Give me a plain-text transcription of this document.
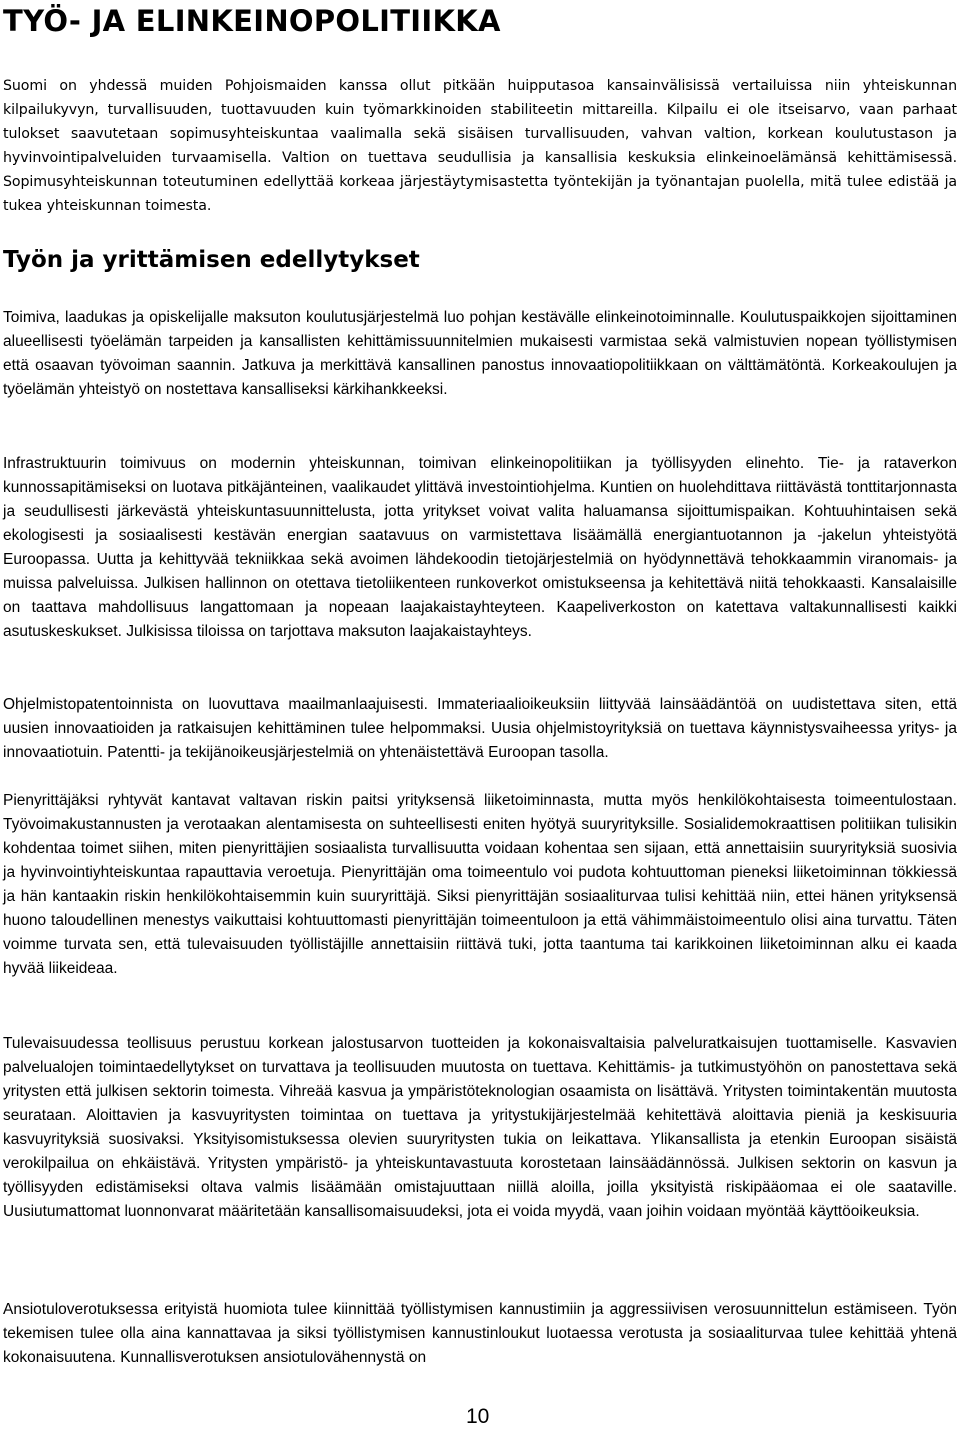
TYÖ- JA ELINKEINOPOLITIIKKA

Suomi on yhdessä muiden Pohjoismaiden kanssa ollut pitkään huipputasoa kansainvälisissä vertailuissa niin yhteiskunnan kilpailukyvyn, turvallisuuden, tuottavuuden kuin työmarkkinoiden stabiliteetin mittareilla. Kilpailu ei ole itseisarvo, vaan parhaat tulokset saavutetaan sopimusyhteiskuntaa vaalimalla sekä sisäisen turvallisuuden, vahvan valtion, korkean koulutustason ja hyvinvointipalveluiden turvaamisella. Valtion on tuettava seudullisia ja kansallisia keskuksia elinkeinoelämänsä kehittämisessä. Sopimusyhteiskunnan toteutuminen edellyttää korkeaa järjestäytymisastetta työntekijän ja työnantajan puolella, mitä tulee edistää ja tukea yhteiskunnan toimesta.

Työn ja yrittämisen edellytykset

Toimiva, laadukas ja opiskelijalle maksuton koulutusjärjestelmä luo pohjan kestävälle elinkeinotoiminnalle. Koulutuspaikkojen sijoittaminen alueellisesti työelämän tarpeiden ja kansallisten kehittämissuunnitelmien mukaisesti varmistaa sekä valmistuvien nopean työllistymisen että osaavan työvoiman saannin. Jatkuva ja merkittävä kansallinen panostus innovaatiopolitiikkaan on välttämätöntä. Korkeakoulujen ja työelämän yhteistyö on nostettava kansalliseksi kärkihankkeeksi.

Infrastruktuurin toimivuus on modernin yhteiskunnan, toimivan elinkeinopolitiikan ja työllisyyden elinehto. Tie- ja rataverkon kunnossapitämiseksi on luotava pitkäjänteinen, vaalikaudet ylittävä investointiohjelma. Kuntien on huolehdittava riittävästä tonttitarjonnasta ja seudullisesti järkevästä yhteiskuntasuunnittelusta, jotta yritykset voivat valita haluamansa sijoittumispaikan. Kohtuuhintaisen sekä ekologisesti ja sosiaalisesti kestävän energian saatavuus on varmistettava lisäämällä energiantuotannon ja -jakelun yhteistyötä Euroopassa. Uutta ja kehittyvää tekniikkaa sekä avoimen lähdekoodin tietojärjestelmiä on hyödynnettävä tehokkaammin viranomais- ja muissa palveluissa. Julkisen hallinnon on otettava tietoliikenteen runkoverkot omistukseensa ja kehitettävä niitä tehokkaasti. Kansalaisille on taattava mahdollisuus langattomaan ja nopeaan laajakaistayhteyteen. Kaapeliverkoston on katettava valtakunnallisesti kaikki asutuskeskukset. Julkisissa tiloissa on tarjottava maksuton laajakaistayhteys.

Ohjelmistopatentoinnista on luovuttava maailmanlaajuisesti. Immateriaalioikeuksiin liittyvää lainsäädäntöä on uudistettava siten, että uusien innovaatioiden ja ratkaisujen kehittäminen tulee helpommaksi. Uusia ohjelmistoyrityksiä on tuettava käynnistysvaiheessa yritys- ja innovaatiotuin. Patentti- ja tekijänoikeusjärjestelmiä on yhtenäistettävä Euroopan tasolla.

Pienyrittäjäksi ryhtyvät kantavat valtavan riskin paitsi yrityksensä liiketoiminnasta, mutta myös henkilökohtaisesta toimeentulostaan. Työvoimakustannusten ja verotaakan alentamisesta on suhteellisesti eniten hyötyä suuryrityksille. Sosialidemokraattisen politiikan tulisikin kohdentaa toimet siihen, miten pienyrittäjien sosiaalista turvallisuutta voidaan kohentaa sen sijaan, että annettaisiin suuryrityksiä suosivia ja hyvinvointiyhteiskuntaa rapauttavia veroetuja. Pienyrittäjän oma toimeentulo voi pudota kohtuuttoman pieneksi liiketoiminnan tökkiessä ja hän kantaakin riskin henkilökohtaisemmin kuin suuryrittäjä. Siksi pienyrittäjän sosiaaliturvaa tulisi kehittää niin, ettei hänen yrityksensä huono taloudellinen menestys vaikuttaisi kohtuuttomasti pienyrittäjän toimeentuloon ja että vähimmäistoimeentulo olisi aina turvattu. Täten voimme turvata sen, että tulevaisuuden työllistäjille annettaisiin riittävä tuki, jotta taantuma tai karikkoinen liiketoiminnan alku ei kaada hyvää liikeideaa.

Tulevaisuudessa teollisuus perustuu korkean jalostusarvon tuotteiden ja kokonaisvaltaisia palveluratkaisujen tuottamiselle. Kasvavien palvelualojen toimintaedellytykset on turvattava ja teollisuuden muutosta on tuettava. Kehittämis- ja tutkimustyöhön on panostettava sekä yritysten että julkisen sektorin toimesta. Vihreää kasvua ja ympäristöteknologian osaamista on lisättävä. Yritysten toimintakentän muutosta seurataan. Aloittavien ja kasvuyritysten toimintaa on tuettava ja yritystukijärjestelmää kehitettävä aloittavia pieniä ja keskisuuria kasvuyrityksiä suosivaksi. Yksityisomistuksessa olevien suuryritysten tukia on leikattava. Ylikansallista ja etenkin Euroopan sisäistä verokilpailua on ehkäistävä. Yritysten ympäristö- ja yhteiskuntavastuuta korostetaan lainsäädännössä. Julkisen sektorin on kasvun ja työllisyyden edistämiseksi oltava valmis lisäämään omistajuuttaan niillä aloilla, joilla yksityistä riskipääomaa ei ole saataville. Uusiutumattomat luonnonvarat määritetään kansallisomaisuudeksi, jota ei voida myydä, vaan joihin voidaan myöntää käyttöoikeuksia.

Ansiotuloverotuksessa erityistä huomiota tulee kiinnittää työllistymisen kannustimiin ja aggressiivisen verosuunnittelun estämiseen. Työn tekemisen tulee olla aina kannattavaa ja siksi työllistymisen kannustinloukut luotaessa verotusta ja sosiaaliturvaa tulee kehittää yhtenä kokonaisuutena. Kunnallisverotuksen ansiotulovähennystä on

10
